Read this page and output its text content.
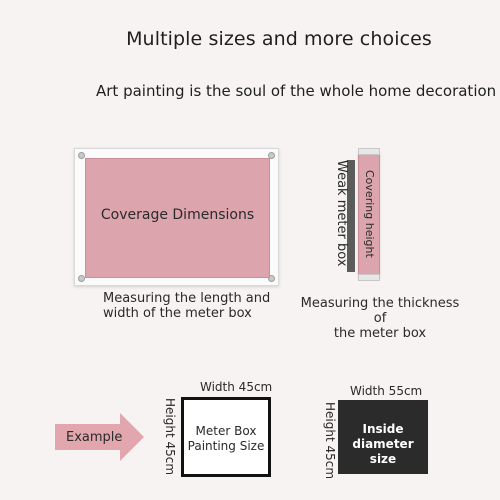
Multiple sizes and more choices
Art painting is the soul of the whole home decoration
Coverage Dimensions
Measuring the length and
width of the meter box
Weak meter box Covering height
Measuring the thickness of
the meter box
Example
Width 45cm
Height 45cm	Meter Box
Painting Size
Width 55cm
Height 45cm	Inside
diameter size
